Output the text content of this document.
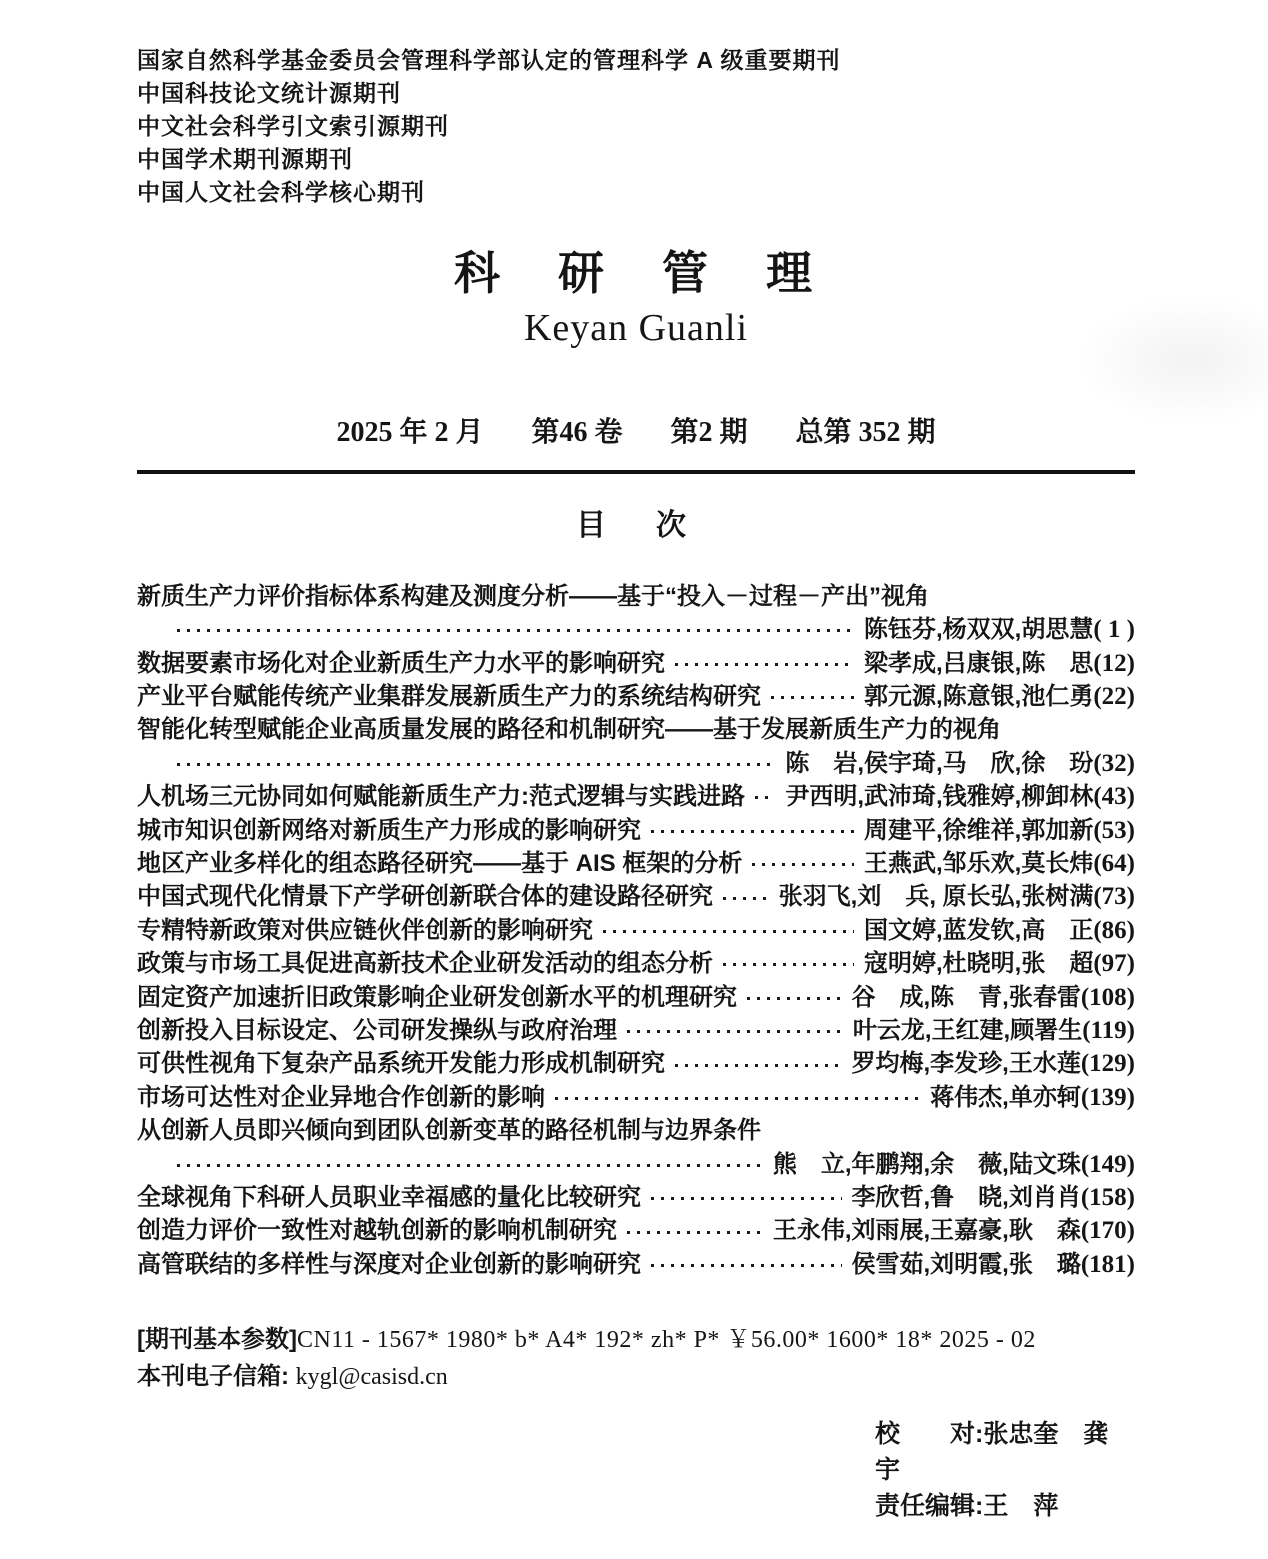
国家自然科学基金委员会管理科学部认定的管理科学 A 级重要期刊
中国科技论文统计源期刊
中文社会科学引文索引源期刊
中国学术期刊源期刊
中国人文社会科学核心期刊
科　研　管　理
Keyan Guanli
2025 年 2 月 第46 卷 第2 期 总第 352 期
目　次
新质生产力评价指标体系构建及测度分析——基于“投入－过程－产出”视角
陈钰芬,杨双双,胡思慧 ( 1 )
数据要素市场化对企业新质生产力水平的影响研究	梁孝成,吕康银,陈　思 (12)
产业平台赋能传统产业集群发展新质生产力的系统结构研究	郭元源,陈意银,池仁勇 (22)
智能化转型赋能企业高质量发展的路径和机制研究——基于发展新质生产力的视角
陈　岩,侯宇琦,马　欣,徐　玢 (32)
人机场三元协同如何赋能新质生产力:范式逻辑与实践进路 尹西明,武沛琦,钱雅婷,柳卸林 (43)
城市知识创新网络对新质生产力形成的影响研究	周建平,徐维祥,郭加新 (53)
地区产业多样化的组态路径研究——基于 AIS 框架的分析	王燕武,邹乐欢,莫长炜 (64)
中国式现代化情景下产学研创新联合体的建设路径研究	张羽飞,刘　兵, 原长弘,张树满 (73)
专精特新政策对供应链伙伴创新的影响研究	国文婷,蓝发钦,高　正 (86)
政策与市场工具促进高新技术企业研发活动的组态分析	寇明婷,杜晓明,张　超 (97)
固定资产加速折旧政策影响企业研发创新水平的机理研究	谷　成,陈　青,张春雷 (108)
创新投入目标设定、公司研发操纵与政府治理	叶云龙,王红建,顾署生 (119)
可供性视角下复杂产品系统开发能力形成机制研究	罗均梅,李发珍,王水莲 (129)
市场可达性对企业异地合作创新的影响	蒋伟杰,单亦轲 (139)
从创新人员即兴倾向到团队创新变革的路径机制与边界条件
熊　立,年鹏翔,余　薇,陆文珠 (149)
全球视角下科研人员职业幸福感的量化比较研究	李欣哲,鲁　晓,刘肖肖 (158)
创造力评价一致性对越轨创新的影响机制研究	王永伟,刘雨展,王嘉豪,耿　森 (170)
高管联结的多样性与深度对企业创新的影响研究	侯雪茹,刘明霞,张　璐 (181)
[期刊基本参数]CN11 - 1567* 1980* b* A4* 192* zh* P* ￥56.00* 1600* 18* 2025 - 02
本刊电子信箱: kygl@casisd.cn
校　　对:张忠奎　龚　宇
责任编辑:王　萍
